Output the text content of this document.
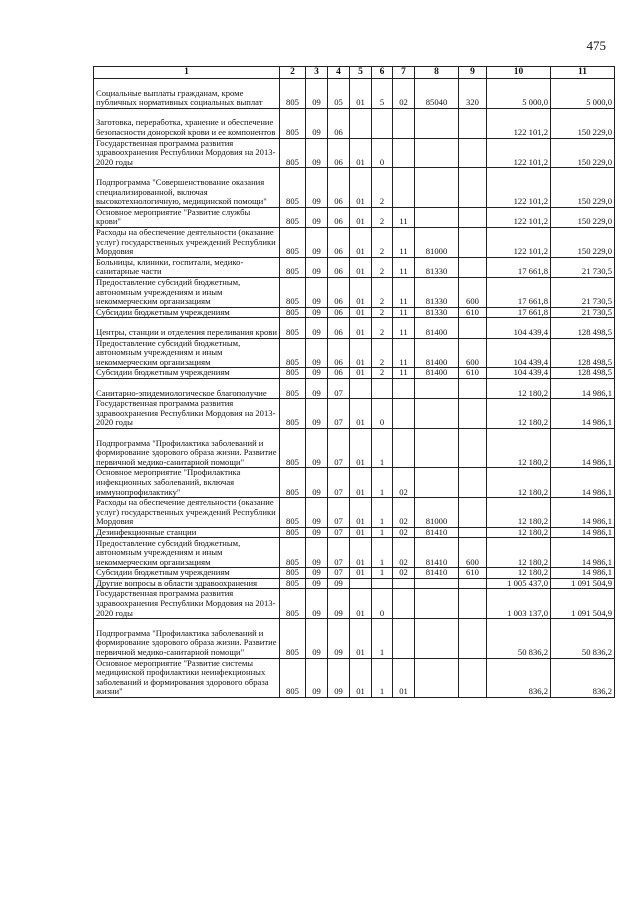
475
1	2	3	4	5	6	7	8	9	10	11
Социальные выплаты гражданам, кроме публичных нормативных социальных выплат	805	09	05	01	5	02	85040	320	5 000,0	5 000,0
Заготовка, переработка, хранение и обеспечение безопасности донорской крови и ее компонентов	805	09	06						122 101,2	150 229,0
Государственная программа развития здравоохранения Республики Мордовия на 2013-2020 годы	805	09	06	01	0				122 101,2	150 229,0
Подпрограмма "Совершенствование оказания специализированной, включая высокотехнологичную, медицинской помощи"	805	09	06	01	2				122 101,2	150 229,0
Основное мероприятие "Развитие службы крови"	805	09	06	01	2	11			122 101,2	150 229,0
Расходы на обеспечение деятельности (оказание услуг) государственных учреждений Республики Мордовия	805	09	06	01	2	11	81000		122 101,2	150 229,0
Больницы, клиники, госпитали, медико-санитарные части	805	09	06	01	2	11	81330		17 661,8	21 730,5
Предоставление субсидий бюджетным, автономным учреждениям и иным некоммерческим организациям	805	09	06	01	2	11	81330	600	17 661,8	21 730,5
Субсидии бюджетным учреждениям	805	09	06	01	2	11	81330	610	17 661,8	21 730,5
Центры, станции и отделения переливания крови	805	09	06	01	2	11	81400		104 439,4	128 498,5
Предоставление субсидий бюджетным, автономным учреждениям и иным некоммерческим организациям	805	09	06	01	2	11	81400	600	104 439,4	128 498,5
Субсидии бюджетным учреждениям	805	09	06	01	2	11	81400	610	104 439,4	128 498,5
Санитарно-эпидемиологическое благополучие	805	09	07						12 180,2	14 986,1
Государственная программа развития здравоохранения Республики Мордовия на 2013-2020 годы	805	09	07	01	0				12 180,2	14 986,1
Подпрограмма "Профилактика заболеваний и формирование здорового образа жизни. Развитие первичной медико-санитарной помощи"	805	09	07	01	1				12 180,2	14 986,1
Основное мероприятие "Профилактика инфекционных заболеваний, включая иммунопрофилактику"	805	09	07	01	1	02			12 180,2	14 986,1
Расходы на обеспечение деятельности (оказание услуг) государственных учреждений Республики Мордовия	805	09	07	01	1	02	81000		12 180,2	14 986,1
Дезинфекционные станции	805	09	07	01	1	02	81410		12 180,2	14 986,1
Предоставление субсидий бюджетным, автономным учреждениям и иным некоммерческим организациям	805	09	07	01	1	02	81410	600	12 180,2	14 986,1
Субсидии бюджетным учреждениям	805	09	07	01	1	02	81410	610	12 180,2	14 986,1
Другие вопросы в области здравоохранения	805	09	09						1 005 437,0	1 091 504,9
Государственная программа развития здравоохранения Республики Мордовия на 2013-2020 годы	805	09	09	01	0				1 003 137,0	1 091 504,9
Подпрограмма "Профилактика заболеваний и формирование здорового образа жизни. Развитие первичной медико-санитарной помощи"	805	09	09	01	1				50 836,2	50 836,2
Основное мероприятие "Развитие системы медицинской профилактики неинфекционных заболеваний и формирования здорового образа жизни"	805	09	09	01	1	01			836,2	836,2
